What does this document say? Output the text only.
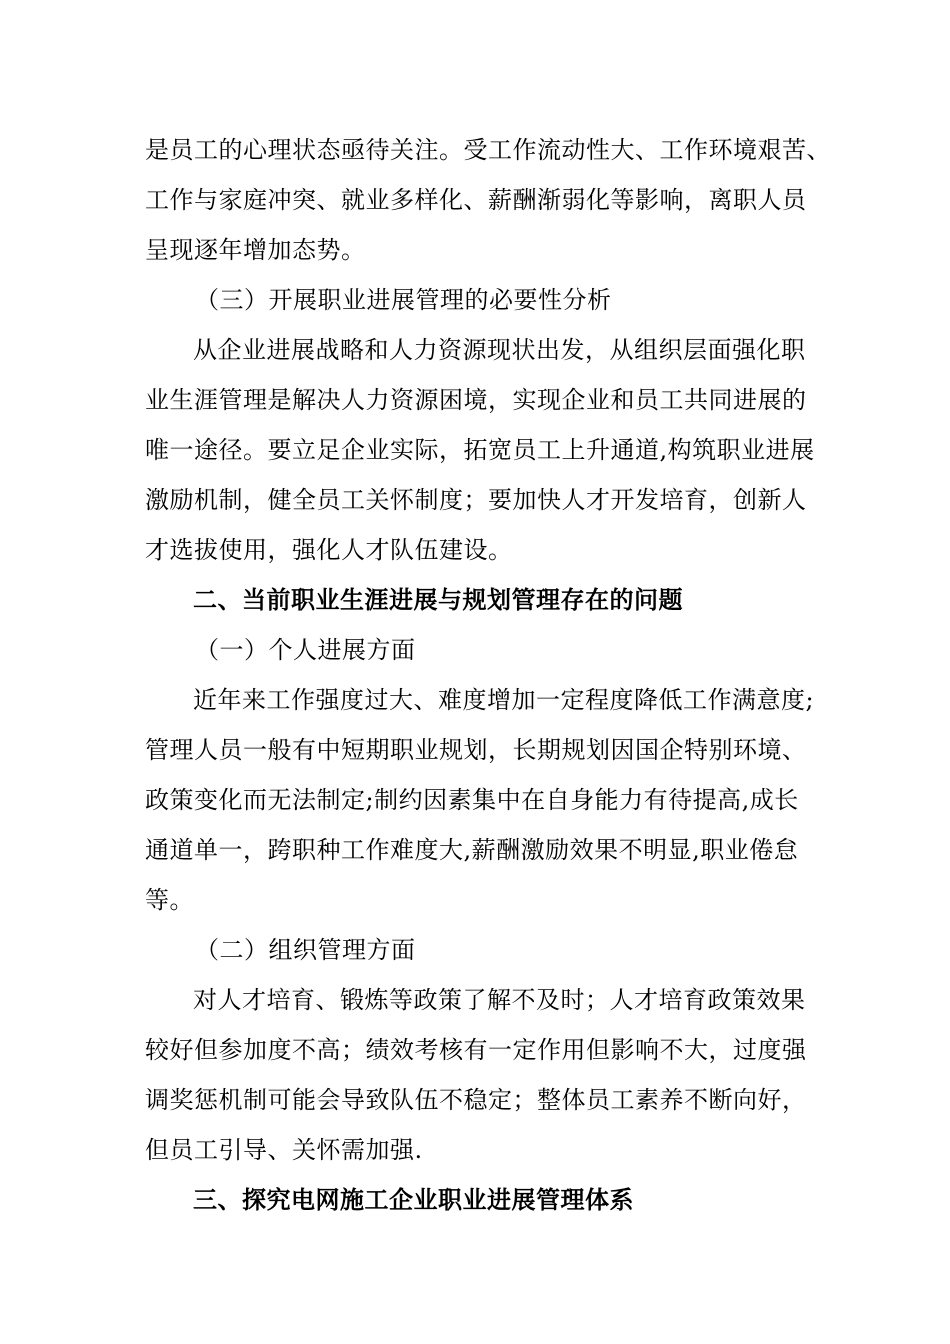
是员工的心理状态亟待关注。受工作流动性大、工作环境艰苦、
工作与家庭冲突、就业多样化、薪酬渐弱化等影响，离职人员
呈现逐年增加态势。
（三）开展职业进展管理的必要性分析
从企业进展战略和人力资源现状出发，从组织层面强化职
业生涯管理是解决人力资源困境，实现企业和员工共同进展的
唯一途径。要立足企业实际，拓宽员工上升通道,构筑职业进展
激励机制，健全员工关怀制度；要加快人才开发培育，创新人
才选拔使用，强化人才队伍建设。
二、当前职业生涯进展与规划管理存在的问题
（一）个人进展方面
近年来工作强度过大、难度增加一定程度降低工作满意度;
管理人员一般有中短期职业规划，长期规划因国企特别环境、
政策变化而无法制定;制约因素集中在自身能力有待提高,成长
通道单一，跨职种工作难度大,薪酬激励效果不明显,职业倦怠
等。
（二）组织管理方面
对人才培育、锻炼等政策了解不及时；人才培育政策效果
较好但参加度不高；绩效考核有一定作用但影响不大，过度强
调奖惩机制可能会导致队伍不稳定；整体员工素养不断向好，
但员工引导、关怀需加强.
三、探究电网施工企业职业进展管理体系
